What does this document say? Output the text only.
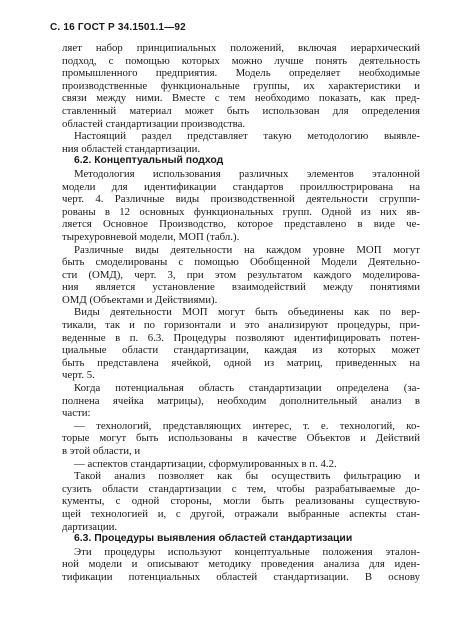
С. 16 ГОСТ Р 34.1501.1—92
ляет набор принципиальных положений, включая иерархический
подход, с помощью которых можно лучше понять деятельность
промышленного предприятия. Модель определяет необходимые
производственные функциональные группы, их характеристики и
связи между ними. Вместе с тем необходимо показать, как пред-
ставленный материал может быть использован для определения
областей стандартизации производства.
Настоящий раздел представляет такую методологию выявле-
ния областей стандартизации.
6.2. Концептуальный подход
Методология использования различных элементов эталонной
модели для идентификации стандартов проиллюстрирована на
черт. 4. Различные виды производственной деятельности сгруппи-
рованы в 12 основных функциональных групп. Одной из них яв-
ляется Основное Производство, которое представлено в виде че-
тырехуровневой модели, МОП (табл.).
Различные виды деятельности на каждом уровне МОП могут
быть смоделированы с помощью Обобщенной Модели Деятельно-
сти (ОМД), черт. 3, при этом результатом каждого моделирова-
ния является установление взаимодействий между понятиями
ОМД (Объектами и Действиями).
Виды деятельности МОП могут быть объединены как по вер-
тикали, так и по горизонтали и это анализируют процедуры, при-
веденные в п. 6.3. Процедуры позволяют идентифицировать потен-
циальные области стандартизации, каждая из которых может
быть представлена ячейкой, одной из матриц, приведенных на
черт. 5.
Когда потенциальная область стандартизации определена (за-
полнена ячейка матрицы), необходим дополнительный анализ в
части:
— технологий, представляющих интерес, т. е. технологий, ко-
торые могут быть использованы в качестве Объектов и Действий
в этой области, и
— аспектов стандартизации, сформулированных в п. 4.2.
Такой анализ позволяет как бы осуществить фильтрацию и
сузить области стандартизации с тем, чтобы разрабатываемые до-
кументы, с одной стороны, могли быть реализованы существую-
щей технологией и, с другой, отражали выбранные аспекты стан-
дартизации.
6.3. Процедуры выявления областей стандартизации
Эти процедуры используют концептуальные положения эталон-
ной модели и описывают методику проведения анализа для иден-
тификации потенциальных областей стандартизации. В основу
